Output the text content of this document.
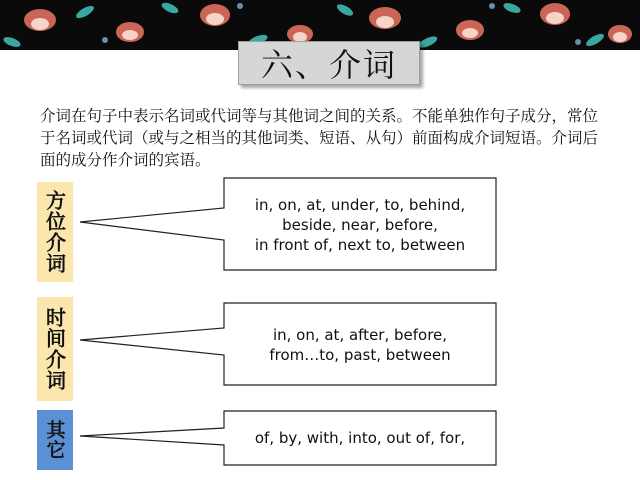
六、介词
介词在句子中表示名词或代词等与其他词之间的关系。不能单独作句子成分，常位于名词或代词（或与之相当的其他词类、短语、从句）前面构成介词短语。介词后面的成分作介词的宾语。
方位介词
时间介词
其它
in, on, at, under, to, behind,
beside, near, before,
in front of, next to, between
in, on, at, after, before,
from…to, past, between
of, by, with, into, out of, for,
